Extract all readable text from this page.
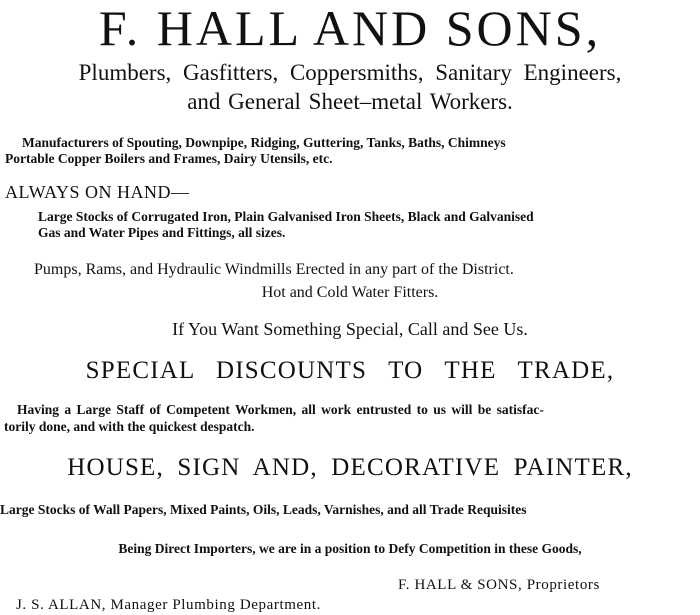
F. HALL AND SONS,

Plumbers, Gasfitters, Coppersmiths, Sanitary Engineers,

and General Sheet–metal Workers.

Manufacturers of Spouting, Downpipe, Ridging, Guttering, Tanks, Baths, Chimneys

Portable Copper Boilers and Frames, Dairy Utensils, etc.

ALWAYS ON HAND—

Large Stocks of Corrugated Iron, Plain Galvanised Iron Sheets, Black and Galvanised

Gas and Water Pipes and Fittings, all sizes.

Pumps, Rams, and Hydraulic Windmills Erected in any part of the District.

Hot and Cold Water Fitters.

If You Want Something Special, Call and See Us.

SPECIAL DISCOUNTS TO THE TRADE,

Having a Large Staff of Competent Workmen, all work entrusted to us will be satisfac-

torily done, and with the quickest despatch.

HOUSE, SIGN AND, DECORATIVE PAINTER,

Large Stocks of Wall Papers, Mixed Paints, Oils, Leads, Varnishes, and all Trade Requisites

Being Direct Importers, we are in a position to Defy Competition in these Goods,

F. HALL & SONS, Proprietors

J. S. ALLAN, Manager Plumbing Department.
